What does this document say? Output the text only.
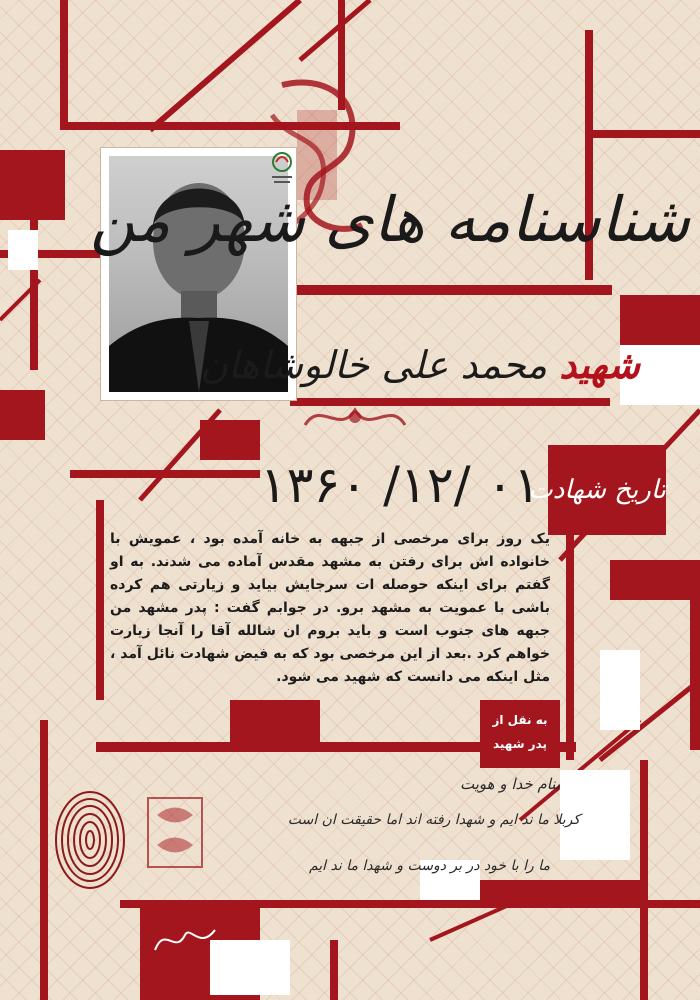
شناسنامه های شهر من
شهید محمد علی خالوشاهان
۱۳۶۰ /۱۲/ ۰۱
تاریخ شهادت
یک روز برای مرخصی از جبهه به خانه آمده بود ، عمویش با خانواده اش برای رفتن به مشهد مقدس آماده می شدند. به او گفتم برای اینکه حوصله ات سرجایش بیاید و زیارتی هم کرده باشی با عمویت به مشهد برو. در جوابم گفت : پدر مشهد من جبهه های جنوب است و باید بروم ان شالله آقا را آنجا زیارت خواهم کرد .بعد از این مرخصی بود که به فیض شهادت نائل آمد ، مثل اینکه می دانست که شهید می شود.
به نقل از
پدر شهید
بنام خدا و هویت
کربلا ما ند ایم و شهدا رفته اند اما حقیقت ان است
ما را با خود در بر دوست و شهدا ما ند ایم
